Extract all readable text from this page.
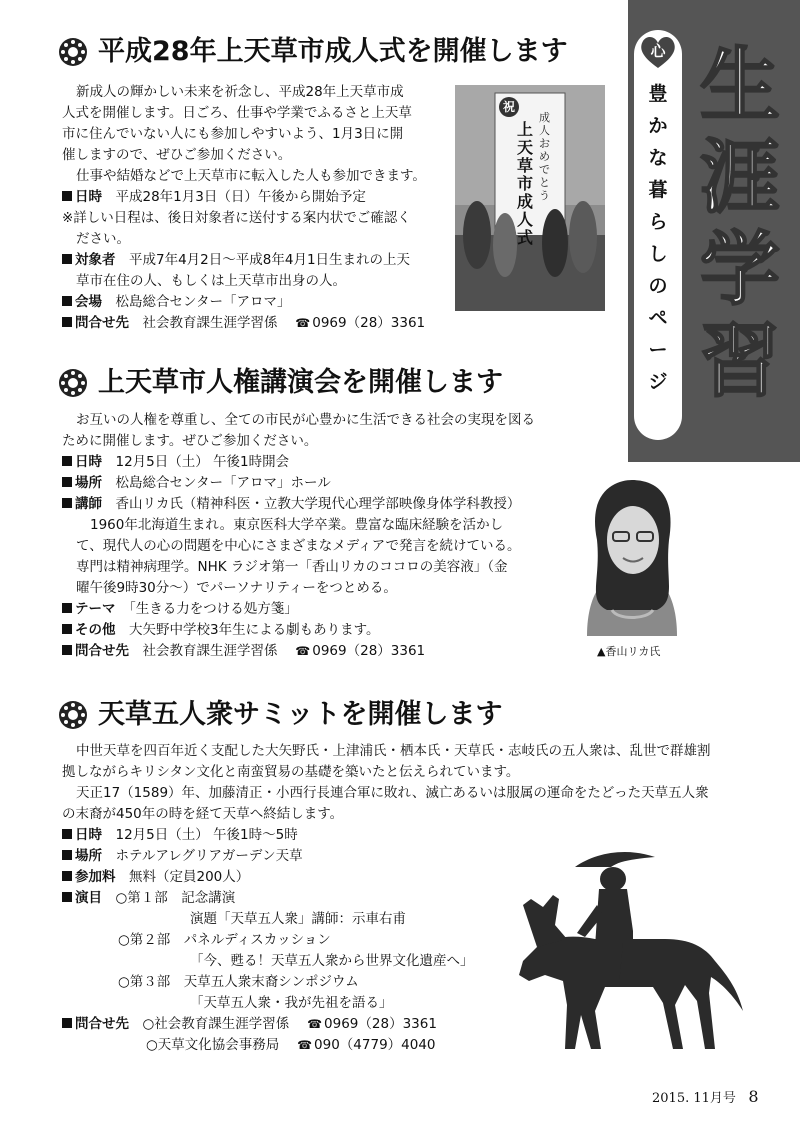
心
豊
か
な
暮
ら
し
の
ペ
ー
ジ
生
涯
学
習
平成28年上天草市成人式を開催します
新成人の輝かしい未来を祈念し、平成28年上天草市成
人式を開催します。日ごろ、仕事や学業でふるさと上天草
市に住んでいない人にも参加しやすいよう、1月3日に開
催しますので、ぜひご参加ください。
仕事や結婚などで上天草市に転入した人も参加できます。
日時　 平成28年1月3日（日）午後から開始予定
※詳しい日程は、後日対象者に送付する案内状でご確認く
ださい。
対象者　 平成7年4月2日～平成8年4月1日生まれの上天
草市在住の人、もしくは上天草市出身の人。
会場　 松島総合センター「アロマ」
問合せ先　 社会教育課生涯学習係　 ☎ 0969（28）3361
祝
成人おめでとう
上天草市成人式
上天草市人権講演会を開催します
お互いの人権を尊重し、全ての市民が心豊かに生活できる社会の実現を図る
ために開催します。ぜひご参加ください。
日時　 12月5日（土） 午後1時開会
場所　 松島総合センター「アロマ」ホール
講師　 香山リカ氏（精神科医・立教大学現代心理学部映像身体学科教授）
1960年北海道生まれ。東京医科大学卒業。豊富な臨床経験を活かし
て、現代人の心の問題を中心にさまざまなメディアで発言を続けている。
専門は精神病理学。NHK ラジオ第一「香山リカのココロの美容液」（金
曜午後9時30分～）でパーソナリティーをつとめる。
テーマ　 「生きる力をつける処方箋」
その他　 大矢野中学校3年生による劇もあります。
問合せ先　 社会教育課生涯学習係　 ☎ 0969（28）3361	▲香山リカ氏
天草五人衆サミットを開催します
中世天草を四百年近く支配した大矢野氏・上津浦氏・栖本氏・天草氏・志岐氏の五人衆は、乱世で群雄割
拠しながらキリシタン文化と南蛮貿易の基礎を築いたと伝えられています。
天正17（1589）年、加藤清正・小西行長連合軍に敗れ、滅亡あるいは服属の運命をたどった天草五人衆
の末裔が450年の時を経て天草へ終結します。
日時　 12月5日（土） 午後1時～5時
場所　 ホテルアレグリアガーデン天草
参加料　 無料（定員200人）
演目　 ○第１部　 記念講演
演題「天草五人衆」講師：示車右甫
○第２部　 パネルディスカッション
「今、甦る！天草五人衆から世界文化遺産へ」
○第３部　 天草五人衆末裔シンポジウム
「天草五人衆・我が先祖を語る」
問合せ先　 ○社会教育課生涯学習係　 ☎ 0969（28）3361
○天草文化協会事務局　 ☎ 090（4779）4040
2015. 11月号 8
